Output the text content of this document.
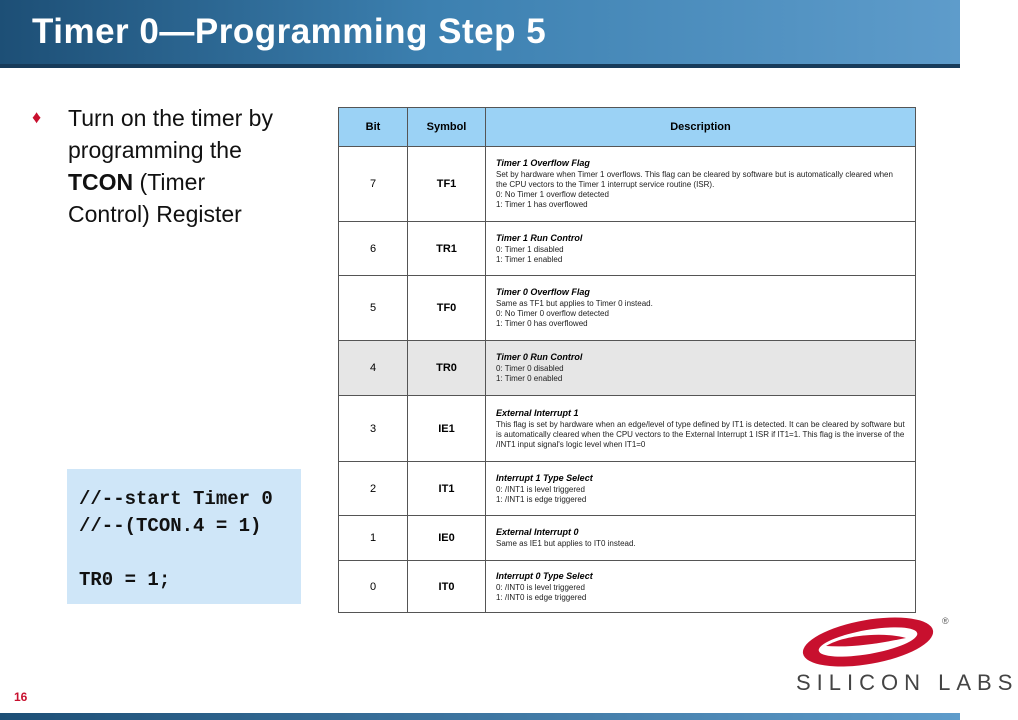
Timer 0—Programming Step 5
♦ Turn on the timer by programming the TCON (Timer Control) Register
//--start Timer 0
//--(TCON.4 = 1)
TR0 = 1;
Bit	Symbol	Description
7	TF1	Timer 1 Overflow Flag
Set by hardware when Timer 1 overflows. This flag can be cleared by software but is automatically cleared when the CPU vectors to the Timer 1 interrupt service routine (ISR).
0: No Timer 1 overflow detected
1: Timer 1 has overflowed

6	TR1	Timer 1 Run Control
0: Timer 1 disabled
1: Timer 1 enabled

5	TF0	Timer 0 Overflow Flag
Same as TF1 but applies to Timer 0 instead.
0: No Timer 0 overflow detected
1: Timer 0 has overflowed

4	TR0	Timer 0 Run Control
0: Timer 0 disabled
1: Timer 0 enabled

3	IE1	External Interrupt 1
This flag is set by hardware when an edge/level of type defined by IT1 is detected. It can be cleared by software but is automatically cleared when the CPU vectors to the External Interrupt 1 ISR if IT1=1. This flag is the inverse of the /INT1 input signal's logic level when IT1=0

2	IT1	Interrupt 1 Type Select
0: /INT1 is level triggered
1: /INT1 is edge triggered

1	IE0	External Interrupt 0
Same as IE1 but applies to IT0 instead.

0	IT0	Interrupt 0 Type Select
0: /INT0 is level triggered
1: /INT0 is edge triggered
®
SILICON LABS
16
